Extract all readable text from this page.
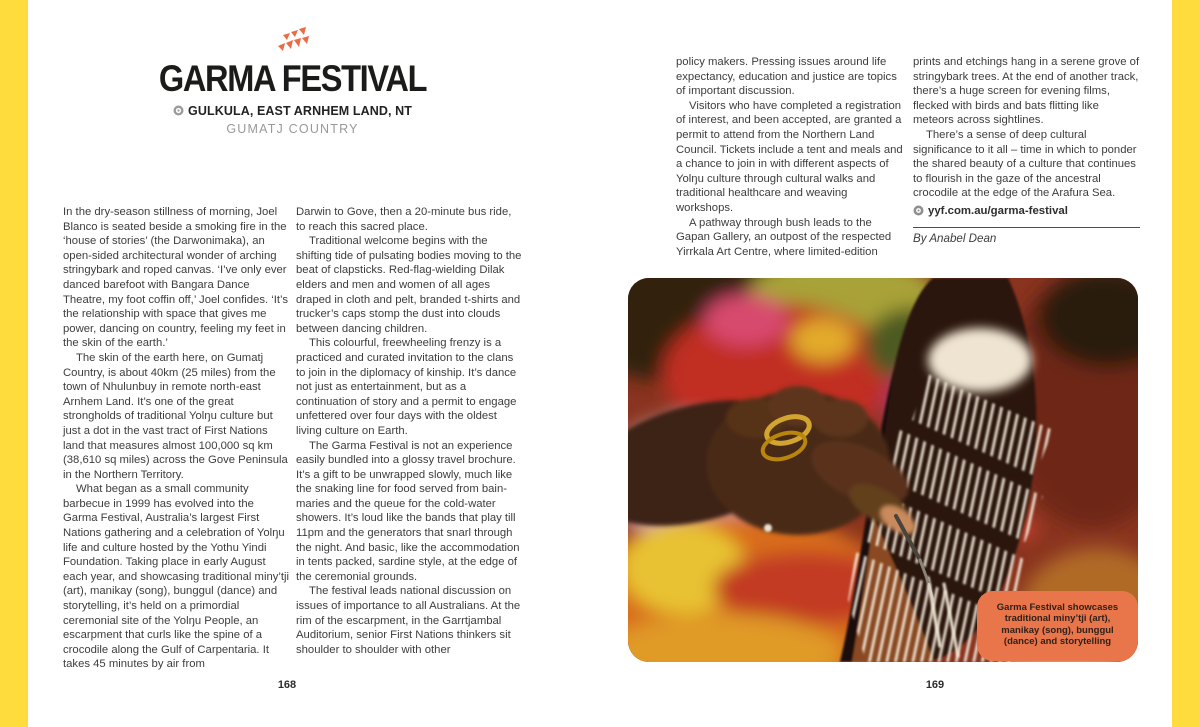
GARMA FESTIVAL
GULKULA, EAST ARNHEM LAND, NT
GUMATJ COUNTRY

In the dry-season stillness of morning, Joel Blanco is seated beside a smoking fire in the ‘house of stories’ (the Darwonimaka), an open-sided architectural wonder of arching stringybark and roped canvas. ‘I’ve only ever danced barefoot with Bangara Dance Theatre, my foot coffin off,’ Joel confides. ‘It’s the relationship with space that gives me power, dancing on country, feeling my feet in the skin of the earth.’

The skin of the earth here, on Gumatj Country, is about 40km (25 miles) from the town of Nhulunbuy in remote north-east Arnhem Land. It’s one of the great strongholds of traditional Yolŋu culture but just a dot in the vast tract of First Nations land that measures almost 100,000 sq km (38,610 sq miles) across the Gove Peninsula in the Northern Territory.

What began as a small community barbecue in 1999 has evolved into the Garma Festival, Australia’s largest First Nations gathering and a celebration of Yolŋu life and culture hosted by the Yothu Yindi Foundation. Taking place in early August each year, and showcasing traditional miny’tji (art), manikay (song), bunggul (dance) and storytelling, it’s held on a primordial ceremonial site of the Yolŋu People, an escarpment that curls like the spine of a crocodile along the Gulf of Carpentaria. It takes 45 minutes by air from

Darwin to Gove, then a 20-minute bus ride, to reach this sacred place.

Traditional welcome begins with the shifting tide of pulsating bodies moving to the beat of clapsticks. Red-flag-wielding Dilak elders and men and women of all ages draped in cloth and pelt, branded t-shirts and trucker’s caps stomp the dust into clouds between dancing children.

This colourful, freewheeling frenzy is a practiced and curated invitation to the clans to join in the diplomacy of kinship. It’s dance not just as entertainment, but as a continuation of story and a permit to engage unfettered over four days with the oldest living culture on Earth.

The Garma Festival is not an experience easily bundled into a glossy travel brochure. It’s a gift to be unwrapped slowly, much like the snaking line for food served from bain-maries and the queue for the cold-water showers. It’s loud like the bands that play till 11pm and the generators that snarl through the night. And basic, like the accommodation in tents packed, sardine style, at the edge of the ceremonial grounds.

The festival leads national discussion on issues of importance to all Australians. At the rim of the escarpment, in the Garrtjambal Auditorium, senior First Nations thinkers sit shoulder to shoulder with other

168

policy makers. Pressing issues around life expectancy, education and justice are topics of important discussion.

Visitors who have completed a registration of interest, and been accepted, are granted a permit to attend from the Northern Land Council. Tickets include a tent and meals and a chance to join in with different aspects of Yolŋu culture through cultural walks and traditional healthcare and weaving workshops.

A pathway through bush leads to the Gapan Gallery, an outpost of the respected Yirrkala Art Centre, where limited-edition

prints and etchings hang in a serene grove of stringybark trees. At the end of another track, there’s a huge screen for evening films, flecked with birds and bats flitting like meteors across sightlines.

There’s a sense of deep cultural significance to it all – time in which to ponder the shared beauty of a culture that continues to flourish in the gaze of the ancestral crocodile at the edge of the Arafura Sea.

yyf.com.au/garma-festival
By Anabel Dean
Garma Festival showcases traditional miny’tji (art), manikay (song), bunggul (dance) and storytelling
169
